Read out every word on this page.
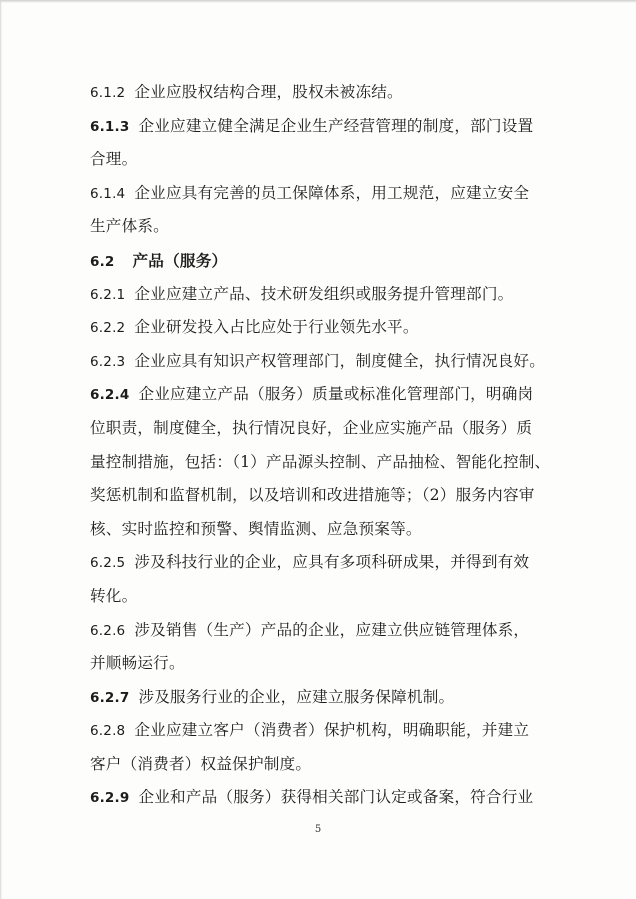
6.1.2 企业应股权结构合理，股权未被冻结。
6.1.3 企业应建立健全满足企业生产经营管理的制度，部门设置
合理。
6.1.4 企业应具有完善的员工保障体系，用工规范，应建立安全
生产体系。
6.2 产品（服务）
6.2.1 企业应建立产品、技术研发组织或服务提升管理部门。
6.2.2 企业研发投入占比应处于行业领先水平。
6.2.3 企业应具有知识产权管理部门，制度健全，执行情况良好。
6.2.4 企业应建立产品（服务）质量或标准化管理部门，明确岗
位职责，制度健全，执行情况良好，企业应实施产品（服务）质
量控制措施，包括：（1）产品源头控制、产品抽检、智能化控制、
奖惩机制和监督机制，以及培训和改进措施等；（2）服务内容审
核、实时监控和预警、舆情监测、应急预案等。
6.2.5 涉及科技行业的企业，应具有多项科研成果，并得到有效
转化。
6.2.6 涉及销售（生产）产品的企业，应建立供应链管理体系，
并顺畅运行。
6.2.7 涉及服务行业的企业，应建立服务保障机制。
6.2.8 企业应建立客户（消费者）保护机构，明确职能，并建立
客户（消费者）权益保护制度。
6.2.9 企业和产品（服务）获得相关部门认定或备案，符合行业
5
